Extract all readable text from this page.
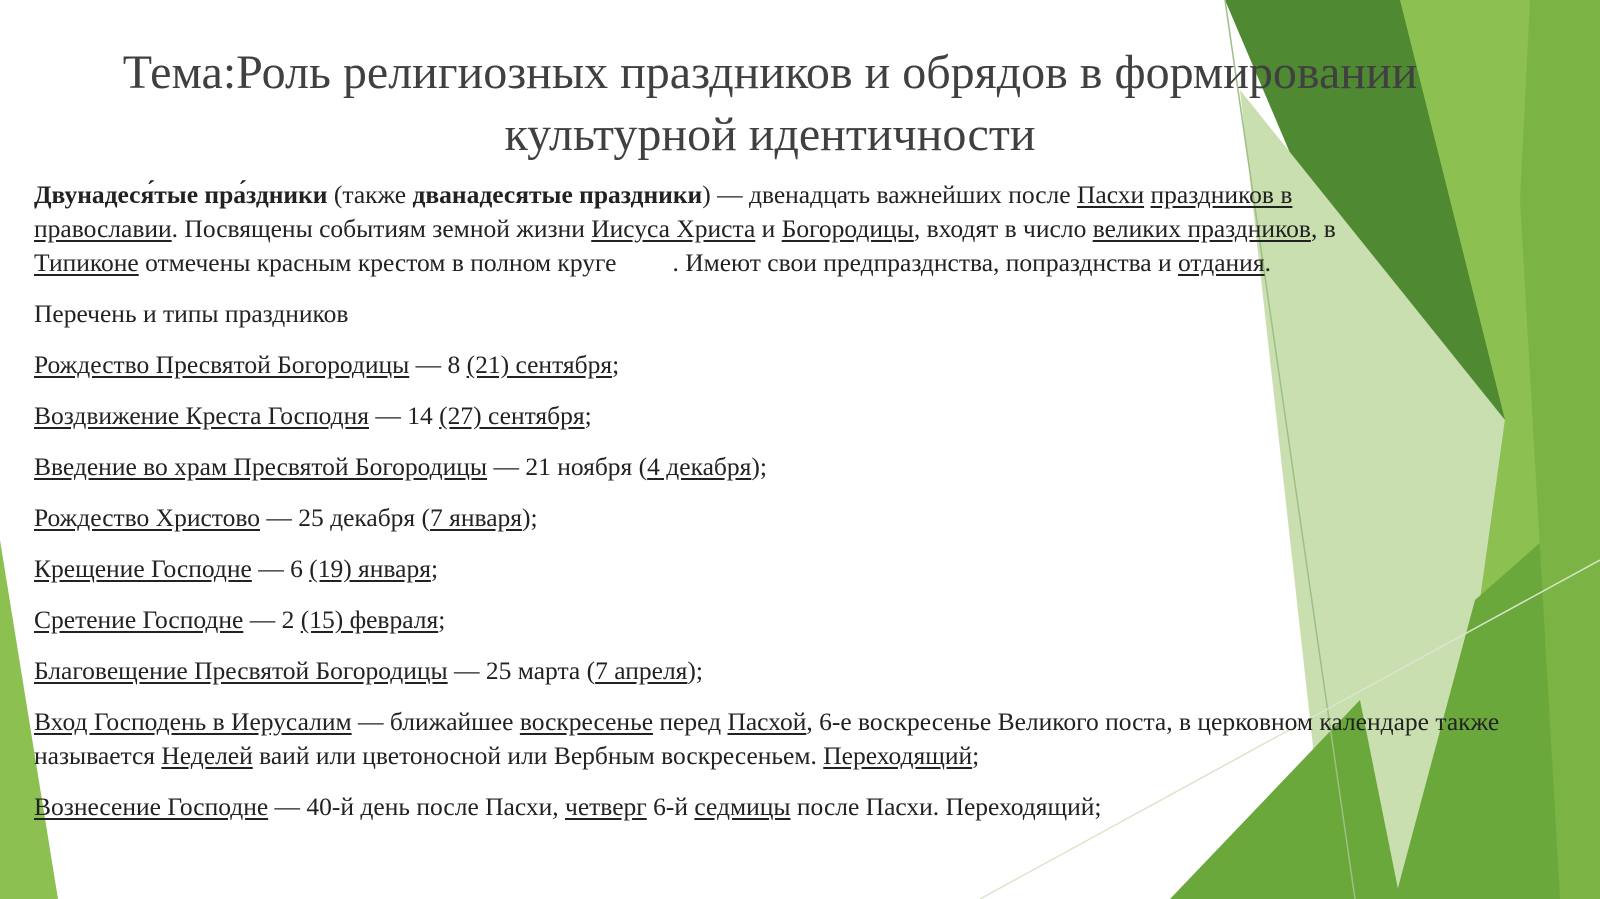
Тема:Роль религиозных праздников и обрядов в формировании культурной идентичности

Двунадеся́тые пра́здники (также дванадесятые праздники) — двенадцать важнейших после Пасхи праздников в православии. Посвящены событиям земной жизни Иисуса Христа и Богородицы, входят в число великих праздников, в Типиконе отмечены красным крестом в полном круге . Имеют свои предпразднства, попразднства и отдания.

Перечень и типы праздников

Рождество Пресвятой Богородицы — 8 (21) сентября;

Воздвижение Креста Господня — 14 (27) сентября;

Введение во храм Пресвятой Богородицы — 21 ноября (4 декабря);

Рождество Христово — 25 декабря (7 января);

Крещение Господне — 6 (19) января;

Сретение Господне — 2 (15) февраля;

Благовещение Пресвятой Богородицы — 25 марта (7 апреля);

Вход Господень в Иерусалим — ближайшее воскресенье перед Пасхой, 6-е воскресенье Великого поста, в церковном календаре также называется Неделей ваий или цветоносной или Вербным воскресеньем. Переходящий;

Вознесение Господне — 40-й день после Пасхи, четверг 6-й седмицы после Пасхи. Переходящий;
